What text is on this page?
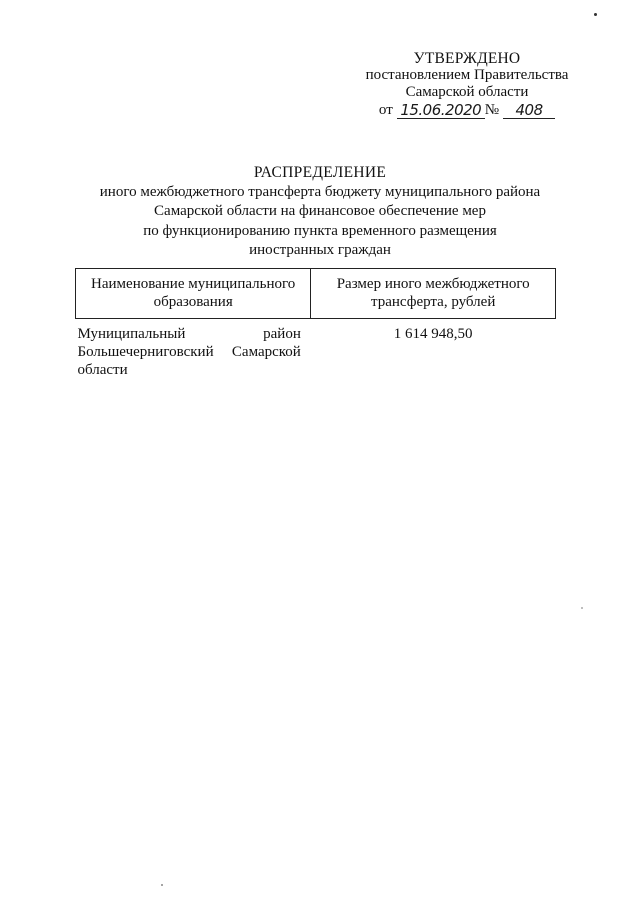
УТВЕРЖДЕНО
постановлением Правительства
Самарской области
от 15.06.2020 №	408
РАСПРЕДЕЛЕНИЕ
иного межбюджетного трансферта бюджету муниципального района
Самарской области на финансовое обеспечение мер
по функционированию пункта временного размещения
иностранных граждан
Наименование муниципального образования	Размер иного межбюджетного трансферта, рублей
Муниципальный район Большечерниговский Самарской области	1 614 948,50
